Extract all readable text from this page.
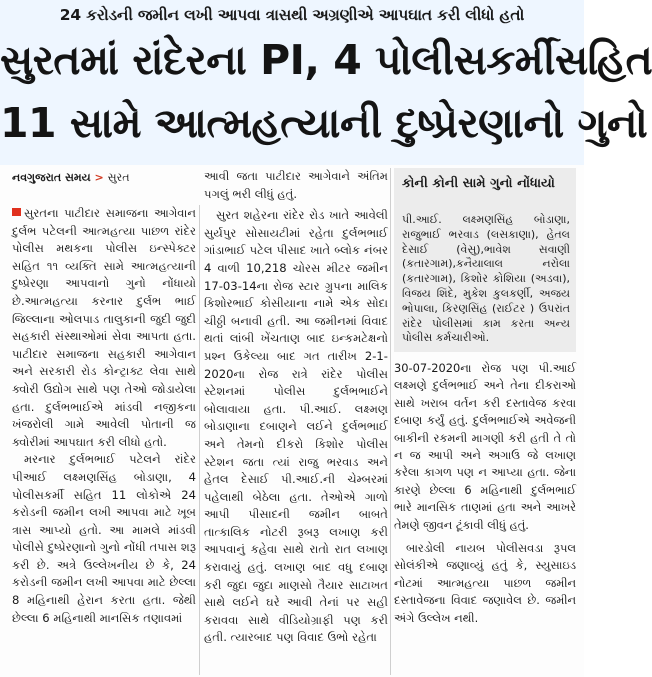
24 કરોડની જમીન લખી આપવા ત્રાસથી અગ્રણીએ આપઘાત કરી લીધો હતો
સુરતમાં રાંદેરના PI, 4 પોલીસકર્મીસહિત
11 સામે આત્મહત્યાની દુષ્પ્રેરણાનો ગુનો
નવગુજરાત સમય > સુરત

સુરતના પાટીદાર સમાજના આગેવાન દુર્લભ પટેલની આત્મહત્યા પાછળ રાંદેર પોલીસ મથકના પોલીસ ઇન્સ્પેક્ટર સહિત ૧૧ વ્યક્તિ સામે આત્મહત્યાની દુષ્પ્રેરણા આપવાનો ગુનો નોંધાયો છે.આત્મહત્યા કરનાર દુર્લભ ભાઈ જિલ્લાના ઓલપાડ તાલુકાની જુદી જુદી સહકારી સંસ્થાઓમાં સેવા આપતા હતા. પાટીદાર સમાજના સહકારી આગેવાન અને સરકારી રોડ કોન્ટ્રાક્ટ લેવા સાથે ક્વોરી ઉદ્યોગ સાથે પણ તેઓ જોડાયેલા હતા. દુર્લભભાઈએ માંડવી નજીકના ખંજરોલી ગામે આવેલી પોતાની જ ક્વોરીમાં આપઘાત કરી લીધો હતો.

મરનાર દુર્લભભાઈ પટેલને રાંદેર પીઆઈ લક્ષ્મણસિંહ બોડાણા, 4 પોલીસકર્મી સહિત 11 લોકોએ 24 કરોડની જમીન લખી આપવા માટે ખૂબ ત્રાસ આપ્યો હતો. આ મામલે માંડવી પોલીસે દુષ્પ્રેરણાનો ગુનો નોંધી તપાસ શરૂ કરી છે. અત્રે ઉલ્લેખનીય છે કે, 24 કરોડની જમીન લખી આપવા માટે છેલ્લા 8 મહિનાથી હેરાન કરતા હતા. જેથી છેલ્લા 6 મહિનાથી માનસિક તણાવમાં

આવી જતા પાટીદાર આગેવાને અંતિમ પગલું ભરી લીધું હતું.

સુરત શહેરના રાંદેર રોડ ખાતે આવેલી સુર્યપુર સોસાયટીમાં રહેતા દુર્લભભાઈ ગાંડાભાઈ પટેલ પીસાદ ખાતે બ્લોક નંબર 4 વાળી 10,218 ચોરસ મીટર જમીન 17-03-14ના રોજ સ્ટાર ગ્રુપના માલિક કિશોરભાઈ કોસીયાના નામે એક સોદા ચીઠ્ઠી બનાવી હતી. આ જમીનમાં વિવાદ થતાં લાંબી ખેંચતાણ બાદ ઇન્કમટેક્ષનો પ્રશ્ન ઉકેલ્યા બાદ ગત તારીખ 2-1-2020ના રોજ રાત્રે રાંદેર પોલીસ સ્ટેશનમાં પોલીસ દુર્લભભાઈને બોલાવાયા હતા. પી.આઈ. લક્ષ્મણ બોડાણાના દબાણને લઈને દુર્લભભાઈ અને તેમનો દીકરો કિશોર પોલીસ સ્ટેશન જતા ત્યાં રાજુ ભરવાડ અને હેતલ દેસાઈ પી.આઈ.ની ચેમ્બરમાં પહેલાથી બેઠેલા હતા. તેઓએ ગાળો આપી પીસાદની જમીન બાબતે તાત્કાલિક નોટરી રૂબરૂ લખાણ કરી આપવાનું કહેવા સાથે રાતો રાત લખાણ કરાવાયું હતું. લખાણ બાદ વધુ દબાણ કરી જુદા જુદા માણસો તૈયાર સાટાખત સાથે લઈને ઘરે આવી તેનાં પર સહી કરાવવા સાથે વીડિયોગ્રાફી પણ કરી હતી. ત્યારબાદ પણ વિવાદ ઉભો રહેતા

કોની કોની સામે ગુનો નોંધાયો
પી.આઈ. લક્ષ્મણસિંહ બોડાણા, રાજુભાઈ ભરવાડ (લસકાણા), હેતલ દેસાઈ (વેસુ),ભાવેશ સવાણી (કતારગામ),કનૈયાલાલ નરોલા (કતારગામ), કિશોર કોશિયા (અડવા), વિજય શિંદે, મુકેશ કુલકર્ણી, અજય ભોપાલા, કિરણસિંહ (રાઈટર ) ઉપરાંત રાંદેર પોલીસમાં કામ કરતા અન્ય પોલીસ કર્મચારીઓ.

30-07-2020ના રોજ પણ પી.આઈ લક્ષ્મણે દુર્લભભાઈ અને તેના દીકરાઓ સાથે ખરાબ વર્તન કરી દસ્તાવેજ કરવા દબાણ કર્યું હતું. દુર્લભભાઈએ અવેજની બાકીની રકમની માગણી કરી હતી તે તો ન જ આપી અને અગાઉ જે લખાણ કરેલા કાગળ પણ ન આપ્યા હતા. જેના કારણે છેલ્લા 6 મહિનાથી દુર્લભભાઈ ભારે માનસિક તાણમાં હતા અને આખરે તેમણે જીવન ટૂંકાવી લીધું હતું.

બારડોલી નાયબ પોલીસવડા રૂપલ સોલંકીએ જણાવ્યું હતું કે, સ્યુસાઇડ નોટમાં આત્મહત્યા પાછળ જમીન દસ્તાવેજના વિવાદ જણાવેલ છે. જમીન અંગે ઉલ્લેખ નથી.
